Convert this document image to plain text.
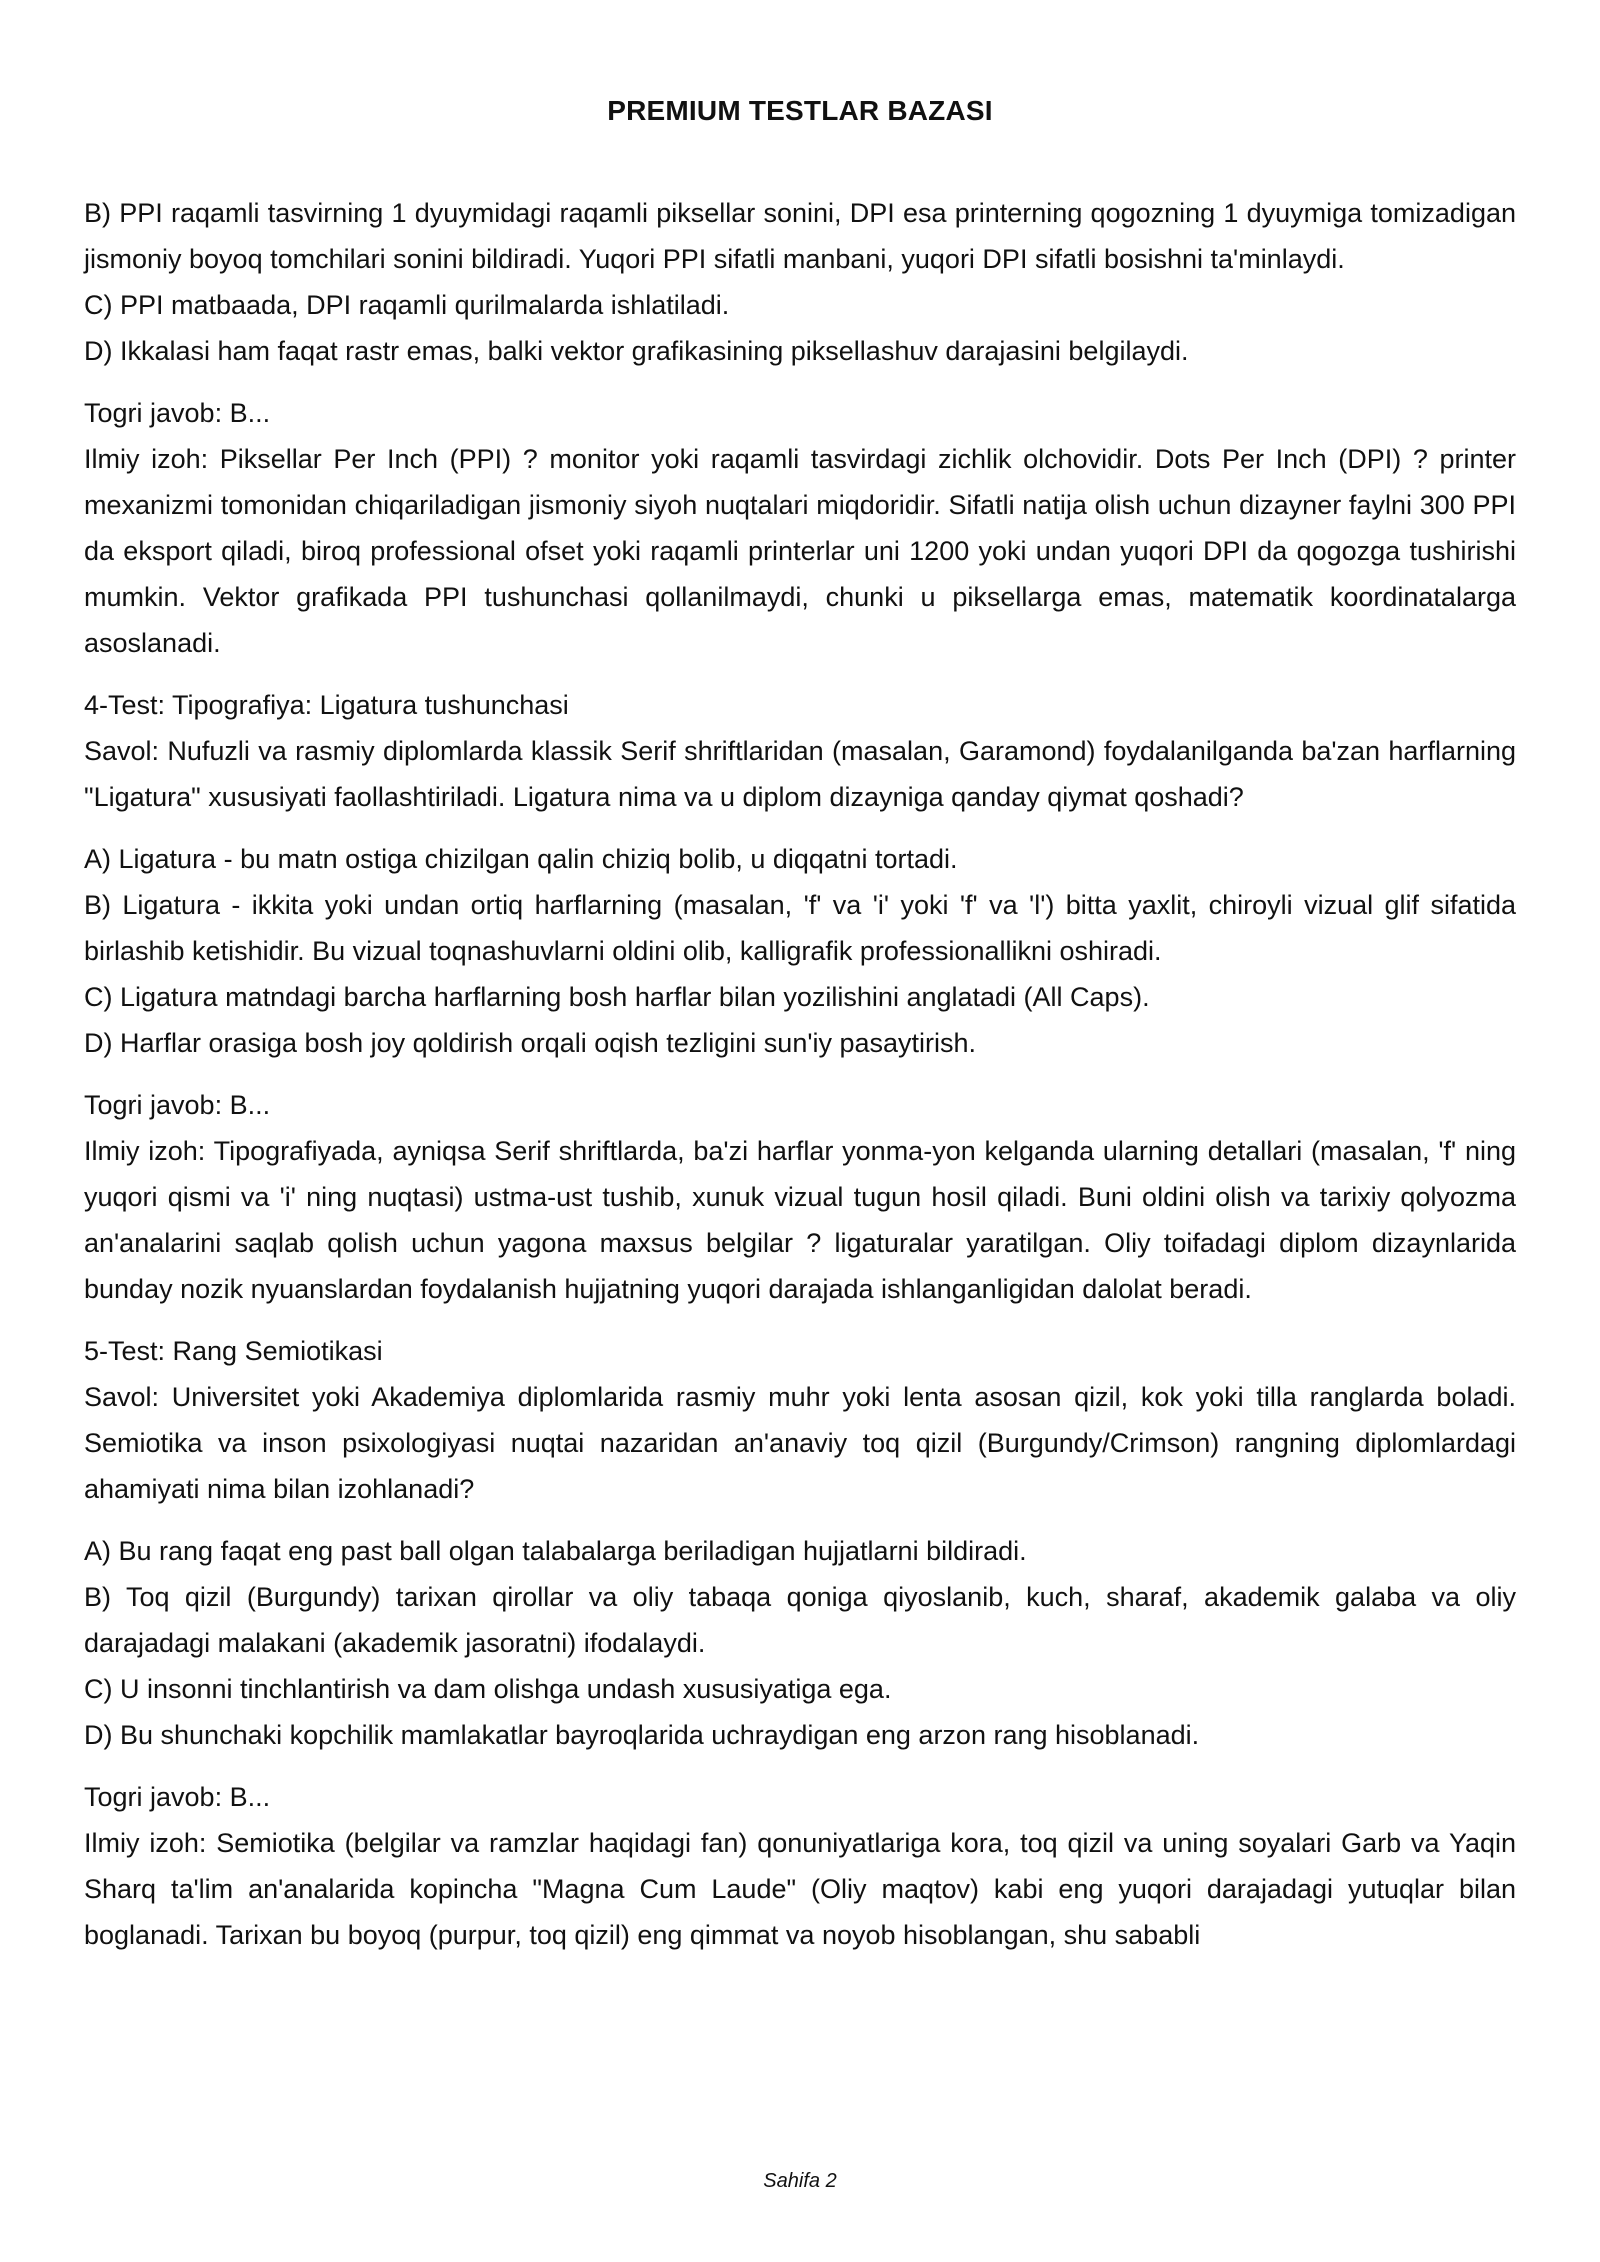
PREMIUM TESTLAR BAZASI
B) PPI raqamli tasvirning 1 dyuymidagi raqamli piksellar sonini, DPI esa printerning qogozning 1 dyuymiga tomizadigan jismoniy boyoq tomchilari sonini bildiradi. Yuqori PPI sifatli manbani, yuqori DPI sifatli bosishni ta'minlaydi.
C) PPI matbaada, DPI raqamli qurilmalarda ishlatiladi.
D) Ikkalasi ham faqat rastr emas, balki vektor grafikasining piksellashuv darajasini belgilaydi.
Togri javob: B...
Ilmiy izoh: Piksellar Per Inch (PPI) ? monitor yoki raqamli tasvirdagi zichlik olchovidir. Dots Per Inch (DPI) ? printer mexanizmi tomonidan chiqariladigan jismoniy siyoh nuqtalari miqdoridir. Sifatli natija olish uchun dizayner faylni 300 PPI da eksport qiladi, biroq professional ofset yoki raqamli printerlar uni 1200 yoki undan yuqori DPI da qogozga tushirishi mumkin. Vektor grafikada PPI tushunchasi qollanilmaydi, chunki u piksellarga emas, matematik koordinatalarga asoslanadi.
4-Test: Tipografiya: Ligatura tushunchasi
Savol: Nufuzli va rasmiy diplomlarda klassik Serif shriftlaridan (masalan, Garamond) foydalanilganda ba'zan harflarning "Ligatura" xususiyati faollashtiriladi. Ligatura nima va u diplom dizayniga qanday qiymat qoshadi?
A) Ligatura - bu matn ostiga chizilgan qalin chiziq bolib, u diqqatni tortadi.
B) Ligatura - ikkita yoki undan ortiq harflarning (masalan, 'f' va 'i' yoki 'f' va 'l') bitta yaxlit, chiroyli vizual glif sifatida birlashib ketishidir. Bu vizual toqnashuvlarni oldini olib, kalligrafik professionallikni oshiradi.
C) Ligatura matndagi barcha harflarning bosh harflar bilan yozilishini anglatadi (All Caps).
D) Harflar orasiga bosh joy qoldirish orqali oqish tezligini sun'iy pasaytirish.
Togri javob: B...
Ilmiy izoh: Tipografiyada, ayniqsa Serif shriftlarda, ba'zi harflar yonma-yon kelganda ularning detallari (masalan, 'f' ning yuqori qismi va 'i' ning nuqtasi) ustma-ust tushib, xunuk vizual tugun hosil qiladi. Buni oldini olish va tarixiy qolyozma an'analarini saqlab qolish uchun yagona maxsus belgilar ? ligaturalar yaratilgan. Oliy toifadagi diplom dizaynlarida bunday nozik nyuanslardan foydalanish hujjatning yuqori darajada ishlanganligidan dalolat beradi.
5-Test: Rang Semiotikasi
Savol: Universitet yoki Akademiya diplomlarida rasmiy muhr yoki lenta asosan qizil, kok yoki tilla ranglarda boladi. Semiotika va inson psixologiyasi nuqtai nazaridan an'anaviy toq qizil (Burgundy/Crimson) rangning diplomlardagi ahamiyati nima bilan izohlanadi?
A) Bu rang faqat eng past ball olgan talabalarga beriladigan hujjatlarni bildiradi.
B) Toq qizil (Burgundy) tarixan qirollar va oliy tabaqa qoniga qiyoslanib, kuch, sharaf, akademik galaba va oliy darajadagi malakani (akademik jasoratni) ifodalaydi.
C) U insonni tinchlantirish va dam olishga undash xususiyatiga ega.
D) Bu shunchaki kopchilik mamlakatlar bayroqlarida uchraydigan eng arzon rang hisoblanadi.
Togri javob: B...
Ilmiy izoh: Semiotika (belgilar va ramzlar haqidagi fan) qonuniyatlariga kora, toq qizil va uning soyalari Garb va Yaqin Sharq ta'lim an'analarida kopincha "Magna Cum Laude" (Oliy maqtov) kabi eng yuqori darajadagi yutuqlar bilan boglanadi. Tarixan bu boyoq (purpur, toq qizil) eng qimmat va noyob hisoblangan, shu sababli
Sahifa 2
